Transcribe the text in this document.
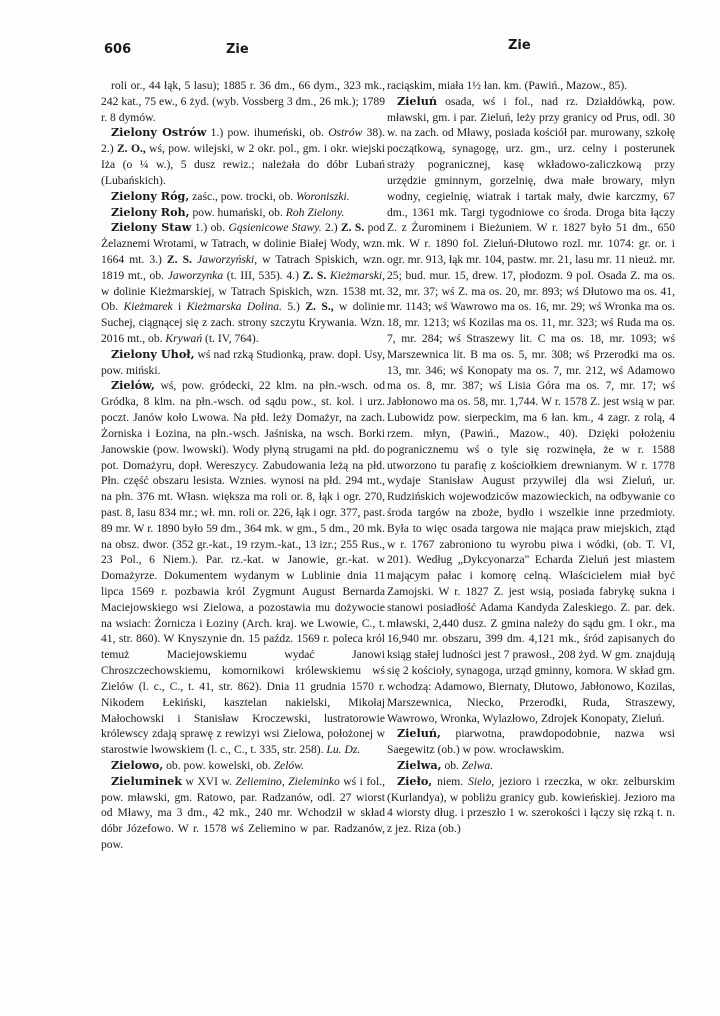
606	Zie	Zie

roli or., 44 łąk, 5 lasu); 1885 r. 36 dm., 66 dym., 323 mk., 242 kat., 75 ew., 6 żyd. (wyb. Vossberg 3 dm., 26 mk.); 1789 r. 8 dymów.

Zielony Ostrów 1.) pow. ihumeński, ob. Ostrów 38). 2.) Z. O., wś, pow. wilejski, w 2 okr. pol., gm. i okr. wiejski Iża (o ¼ w.), 5 dusz rewiz.; należała do dóbr Lubań (Lubańskich).

Zielony Róg, zaśc., pow. trocki, ob. Woroniszki.

Zielony Roh, pow. humański, ob. Roh Zielony.

Zielony Staw 1.) ob. Gąsienicowe Stawy. 2.) Z. S. pod Żelaznemi Wrotami, w Tatrach, w dolinie Białej Wody, wzn. 1664 mt. 3.) Z. S. Jaworzyński, w Tatrach Spiskich, wzn. 1819 mt., ob. Jaworzynka (t. III, 535). 4.) Z. S. Kieżmarski, w dolinie Kieżmarskiej, w Tatrach Spiskich, wzn. 1538 mt. Ob. Kieżmarek i Kieżmarska Dolina. 5.) Z. S., w dolinie Suchej, ciągnącej się z zach. strony szczytu Krywania. Wzn. 2016 mt., ob. Krywań (t. IV, 764).

Zielony Uhoł, wś nad rzką Studionką, praw. dopł. Usy, pow. miński.

Zielów, wś, pow. gródecki, 22 klm. na płn.-wsch. od Gródka, 8 klm. na płn.-wsch. od sądu pow., st. kol. i urz. poczt. Janów koło Lwowa. Na płd. leży Domażyr, na zach. Żorniska i Łozina, na płn.-wsch. Jaśniska, na wsch. Borki Janowskie (pow. lwowski). Wody płyną strugami na płd. do pot. Domażyru, dopł. Wereszycy. Zabudowania leżą na płd. Płn. część obszaru lesista. Wznies. wynosi na płd. 294 mt., na płn. 376 mt. Własn. większa ma roli or. 8, łąk i ogr. 270, past. 8, lasu 834 mr.; wł. mn. roli or. 226, łąk i ogr. 377, past. 89 mr. W r. 1890 było 59 dm., 364 mk. w gm., 5 dm., 20 mk. na obsz. dwor. (352 gr.-kat., 19 rzym.-kat., 13 izr.; 255 Rus., 23 Pol., 6 Niem.). Par. rz.-kat. w Janowie, gr.-kat. w Domażyrze. Dokumentem wydanym w Lublinie dnia 11 lipca 1569 r. pozbawia król Zygmunt August Bernarda Maciejowskiego wsi Zielowa, a pozostawia mu dożywocie na wsiach: Żornicza i Łoziny (Arch. kraj. we Lwowie, C., t. 41, str. 860). W Knyszynie dn. 15 paźdz. 1569 r. poleca król temuż Maciejowskiemu wydać Janowi Chroszczechowskiemu, komornikowi królewskiemu wś Zielów (l. c., C., t. 41, str. 862). Dnia 11 grudnia 1570 r. Nikodem Łekiński, kasztelan nakielski, Mikołaj Małochowski i Stanisław Kroczewski, lustratorowie królewscy zdają sprawę z rewizyi wsi Zielowa, położonej w starostwie lwowskiem (l. c., C., t. 335, str. 258). Lu. Dz.

Zielowo, ob. pow. kowelski, ob. Zelów.

Zieluminek w XVI w. Zeliemino, Zieleminko wś i fol., pow. mławski, gm. Ratowo, par. Radzanów, odl. 27 wiorst od Mławy, ma 3 dm., 42 mk., 240 mr. Wchodził w skład dóbr Józefowo. W r. 1578 wś Zeliemino w par. Radzanów, pow.

raciąskim, miała 1½ łan. km. (Pawiń., Mazow., 85).

Zieluń osada, wś i fol., nad rz. Działdówką, pow. mławski, gm. i par. Zieluń, leży przy granicy od Prus, odl. 30 w. na zach. od Mławy, posiada kościół par. murowany, szkołę początkową, synagogę, urz. gm., urz. celny i posterunek straży pogranicznej, kasę wkładowo-zaliczkową przy urzędzie gminnym, gorzelnię, dwa małe browary, młyn wodny, cegielnię, wiatrak i tartak mały, dwie karczmy, 67 dm., 1361 mk. Targi tygodniowe co środa. Droga bita łączy Z. z Żurominem i Bieżuniem. W r. 1827 było 51 dm., 650 mk. W r. 1890 fol. Zieluń-Dłutowo rozl. mr. 1074: gr. or. i ogr. mr. 913, łąk mr. 104, pastw. mr. 21, lasu mr. 11 nieuż. mr. 25; bud. mur. 15, drew. 17, płodozm. 9 pol. Osada Z. ma os. 32, mr. 37; wś Z. ma os. 20, mr. 893; wś Dłutowo ma os. 41, mr. 1143; wś Wawrowo ma os. 16, mr. 29; wś Wronka ma os. 18, mr. 1213; wś Kozilas ma os. 11, mr. 323; wś Ruda ma os. 7, mr. 284; wś Straszewy lit. C ma os. 18, mr. 1093; wś Marszewnica lit. B ma os. 5, mr. 308; wś Przerodki ma os. 13, mr. 346; wś Konopaty ma os. 7, mr. 212, wś Adamowo ma os. 8, mr. 387; wś Lisia Góra ma os. 7, mr. 17; wś Jabłonowo ma os. 58, mr. 1,744. W r. 1578 Z. jest wsią w par. Lubowidz pow. sierpeckim, ma 6 łan. km., 4 zagr. z rolą, 4 rzem. młyn, (Pawiń., Mazow., 40). Dzięki położeniu pogranicznemu wś o tyle się rozwinęła, że w r. 1588 utworzono tu parafię z kościołkiem drewnianym. W r. 1778 wydaje Stanisław August przywilej dla wsi Zieluń, ur. Rudzińskich wojewodziców mazowieckich, na odbywanie co środa targów na zboże, bydło i wszelkie inne przedmioty. Była to więc osada targowa nie mająca praw miejskich, ztąd w r. 1767 zabroniono tu wyrobu piwa i wódki, (ob. T. VI, 201). Według „Dykcyonarza" Echarda Zieluń jest miastem mającym pałac i komorę celną. Właścicielem miał być Zamojski. W r. 1827 Z. jest wsią, posiada fabrykę sukna i stanowi posiadłość Adama Kandyda Zaleskiego. Z. par. dek. mławski, 2,440 dusz. Z gmina należy do sądu gm. I okr., ma 16,940 mr. obszaru, 399 dm. 4,121 mk., śród zapisanych do ksiąg stałej ludności jest 7 prawosł., 208 żyd. W gm. znajdują się 2 kościoły, synagoga, urząd gminny, komora. W skład gm. wchodzą: Adamowo, Biernaty, Dłutowo, Jabłonowo, Kozilas, Marszewnica, Niecko, Przerodki, Ruda, Straszewy, Wawrowo, Wronka, Wylazłowo, Zdrojek Konopaty, Zieluń.

Zieluń, piarwotna, prawdopodobnie, nazwa wsi Saegewitz (ob.) w pow. wrocławskim.

Zielwa, ob. Zelwa.

Zieło, niem. Sielo, jezioro i rzeczka, w okr. zelburskim (Kurlandya), w pobliżu granicy gub. kowieńskiej. Jezioro ma 4 wiorsty dług. i przeszło 1 w. szerokości i łączy się rzką t. n. z jez. Riza (ob.)
